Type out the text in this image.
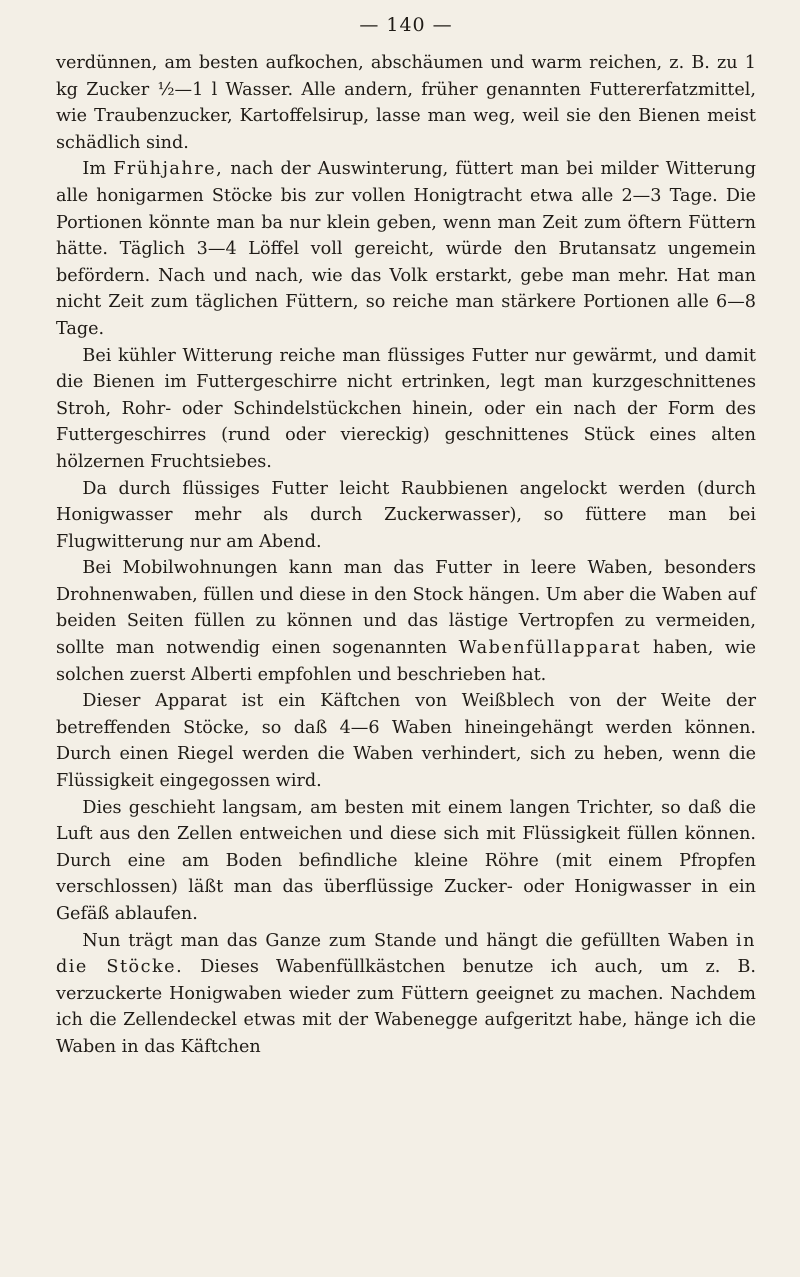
— 140 —

verdünnen, am besten aufkochen, abschäumen und warm reichen, z. B. zu 1 kg Zucker ½—1 l Wasser. Alle andern, früher genannten Futtererfatzmittel, wie Traubenzucker, Kartoffelsirup, lasse man weg, weil sie den Bienen meist schädlich sind.

Im Frühjahre, nach der Auswinterung, füttert man bei milder Witterung alle honigarmen Stöcke bis zur vollen Honigtracht etwa alle 2—3 Tage. Die Portionen könnte man ba nur klein geben, wenn man Zeit zum öftern Füttern hätte. Täglich 3—4 Löffel voll gereicht, würde den Brutansatz ungemein befördern. Nach und nach, wie das Volk erstarkt, gebe man mehr. Hat man nicht Zeit zum täglichen Füttern, so reiche man stärkere Portionen alle 6—8 Tage.

Bei kühler Witterung reiche man flüssiges Futter nur gewärmt, und damit die Bienen im Futtergeschirre nicht ertrinken, legt man kurzgeschnittenes Stroh, Rohr- oder Schindelstückchen hinein, oder ein nach der Form des Futtergeschirres (rund oder viereckig) geschnittenes Stück eines alten hölzernen Fruchtsiebes.

Da durch flüssiges Futter leicht Raubbienen angelockt werden (durch Honigwasser mehr als durch Zuckerwasser), so füttere man bei Flugwitterung nur am Abend.

Bei Mobilwohnungen kann man das Futter in leere Waben, besonders Drohnenwaben, füllen und diese in den Stock hängen. Um aber die Waben auf beiden Seiten füllen zu können und das lästige Vertropfen zu vermeiden, sollte man notwendig einen sogenannten Wabenfüllapparat haben, wie solchen zuerst Alberti empfohlen und beschrieben hat.

Dieser Apparat ist ein Käftchen von Weißblech von der Weite der betreffenden Stöcke, so daß 4—6 Waben hineingehängt werden können. Durch einen Riegel werden die Waben verhindert, sich zu heben, wenn die Flüssigkeit eingegossen wird.

Dies geschieht langsam, am besten mit einem langen Trichter, so daß die Luft aus den Zellen entweichen und diese sich mit Flüssigkeit füllen können. Durch eine am Boden befindliche kleine Röhre (mit einem Pfropfen verschlossen) läßt man das überflüssige Zucker- oder Honigwasser in ein Gefäß ablaufen.

Nun trägt man das Ganze zum Stande und hängt die gefüllten Waben in die Stöcke. Dieses Wabenfüllkästchen benutze ich auch, um z. B. verzuckerte Honigwaben wieder zum Füttern geeignet zu machen. Nachdem ich die Zellendeckel etwas mit der Wabenegge aufgeritzt habe, hänge ich die Waben in das Käftchen
